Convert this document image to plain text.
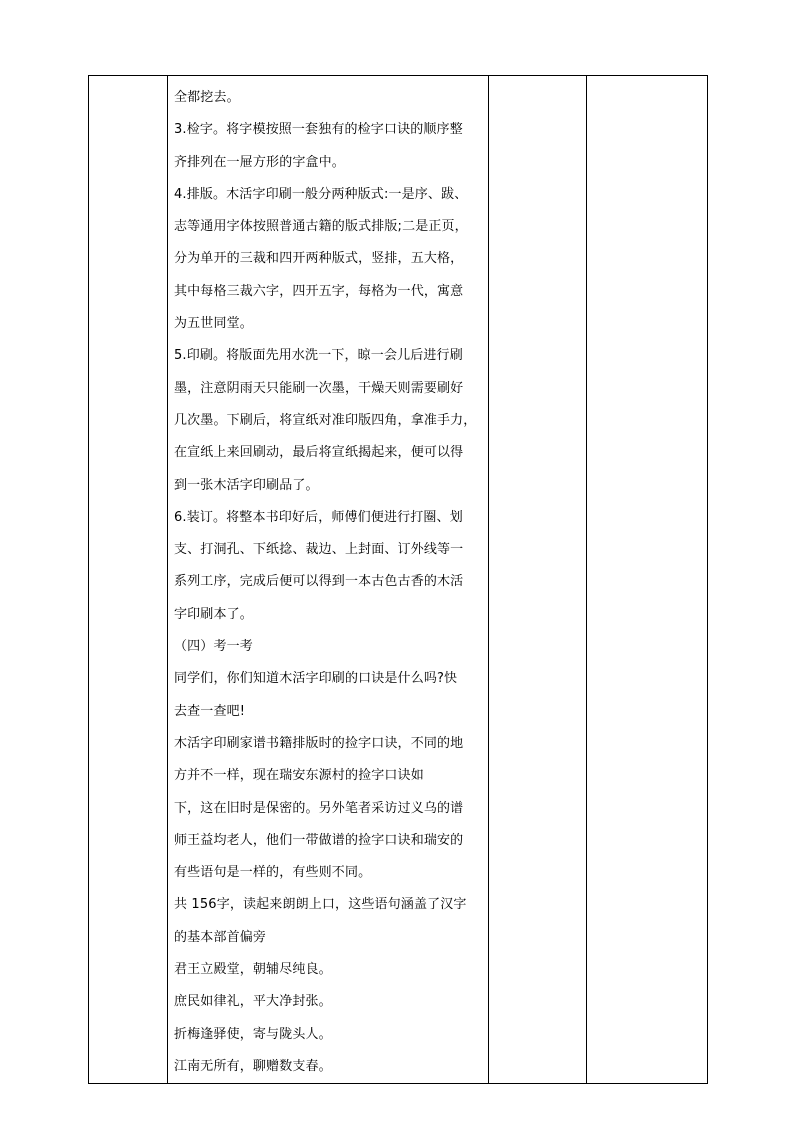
全都挖去。
3.检字。将字模按照一套独有的检字口诀的顺序整
齐排列在一屉方形的字盒中。
4.排版。木活字印刷一般分两种版式:一是序、跋、
志等通用字体按照普通古籍的版式排版;二是正页，
分为单开的三裁和四开两种版式，竖排，五大格，
其中每格三裁六字，四开五字，每格为一代，寓意
为五世同堂。
5.印刷。将版面先用水洗一下，晾一会儿后进行刷
墨，注意阴雨天只能刷一次墨，干燥天则需要刷好
几次墨。下刷后，将宣纸对准印版四角，拿准手力，
在宣纸上来回刷动，最后将宣纸揭起来，便可以得
到一张木活字印刷品了。
6.装订。将整本书印好后，师傅们便进行打圈、划
支、打洞孔、下纸捻、裁边、上封面、订外线等一
系列工序，完成后便可以得到一本古色古香的木活
字印刷本了。
（四）考一考
同学们，你们知道木活字印刷的口诀是什么吗?快
去查一查吧!
木活字印刷家谱书籍排版时的捡字口诀，不同的地
方并不一样，现在瑞安东源村的捡字口诀如
下，这在旧时是保密的。另外笔者采访过义乌的谱
师王益均老人，他们一带做谱的捡字口诀和瑞安的
有些语句是一样的，有些则不同。
共 156字，读起来朗朗上口，这些语句涵盖了汉字
的基本部首偏旁
君王立殿堂，朝辅尽纯良。
庶民如律礼，平大净封张。
折梅逢驿使，寄与陇头人。
江南无所有，聊赠数支春。
